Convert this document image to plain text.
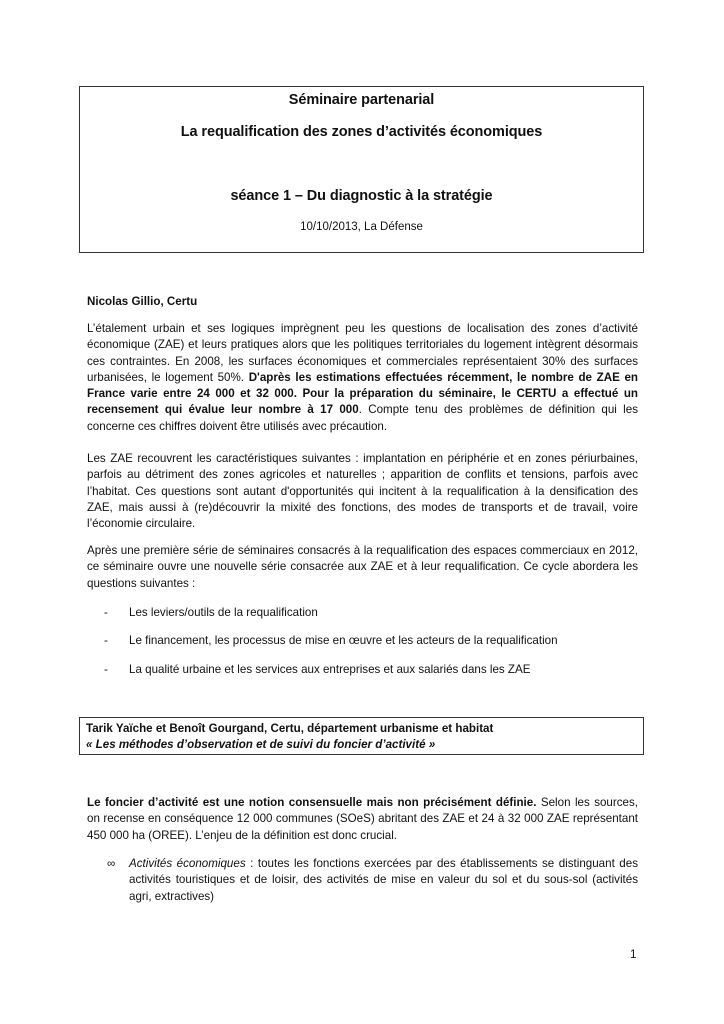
Séminaire partenarial
La requalification des zones d’activités économiques
séance 1 – Du diagnostic à la stratégie
10/10/2013, La Défense
Nicolas Gillio, Certu
L’étalement urbain et ses logiques imprègnent peu les questions de localisation des zones d’activité économique (ZAE) et leurs pratiques alors que les politiques territoriales du logement intègrent désormais ces contraintes. En 2008, les surfaces économiques et commerciales représentaient 30% des surfaces urbanisées, le logement 50%. D'après les estimations effectuées récemment, le nombre de ZAE en France varie entre 24 000 et 32 000. Pour la préparation du séminaire, le CERTU a effectué un recensement qui évalue leur nombre à 17 000. Compte tenu des problèmes de définition qui les concerne ces chiffres doivent être utilisés avec précaution.
Les ZAE recouvrent les caractéristiques suivantes : implantation en périphérie et en zones périurbaines, parfois au détriment des zones agricoles et naturelles ; apparition de conflits et tensions, parfois avec l’habitat. Ces questions sont autant d'opportunités qui incitent à la requalification à la densification des ZAE, mais aussi à (re)découvrir la mixité des fonctions, des modes de transports et de travail, voire l’économie circulaire.
Après une première série de séminaires consacrés à la requalification des espaces commerciaux en 2012, ce séminaire ouvre une nouvelle série consacrée aux ZAE et à leur requalification. Ce cycle abordera les questions suivantes :
- Les leviers/outils de la requalification
- Le financement, les processus de mise en œuvre et les acteurs de la requalification
- La qualité urbaine et les services aux entreprises et aux salariés dans les ZAE
Tarik Yaïche et Benoît Gourgand, Certu, département urbanisme et habitat
« Les méthodes d’observation et de suivi du foncier d’activité »
Le foncier d’activité est une notion consensuelle mais non précisément définie. Selon les sources, on recense en conséquence 12 000 communes (SOeS) abritant des ZAE et 24 à 32 000 ZAE représentant 450 000 ha (OREE). L’enjeu de la définition est donc crucial.
∞ Activités économiques : toutes les fonctions exercées par des établissements se distinguant des activités touristiques et de loisir, des activités de mise en valeur du sol et du sous-sol (activités agri, extractives)
1
